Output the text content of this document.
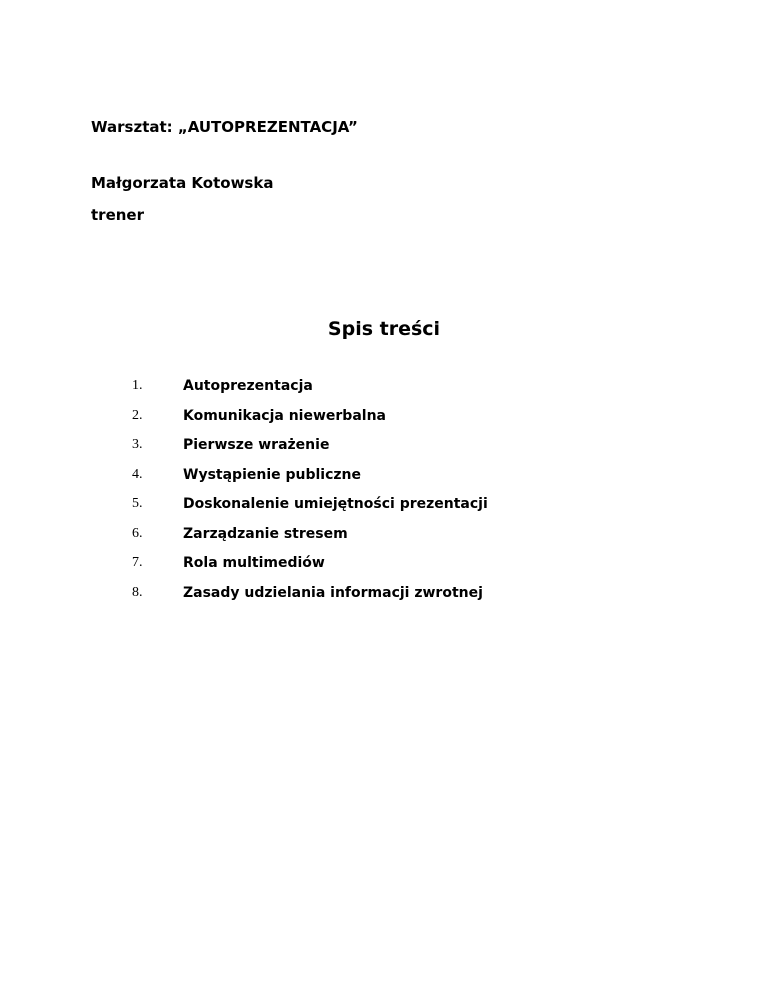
Warsztat: „AUTOPREZENTACJA”
Małgorzata Kotowska
trener
Spis treści
1.	Autoprezentacja
2.	Komunikacja niewerbalna
3.	Pierwsze wrażenie
4.	Wystąpienie publiczne
5.	Doskonalenie umiejętności prezentacji
6.	Zarządzanie stresem
7.	Rola multimediów
8.	Zasady udzielania informacji zwrotnej
